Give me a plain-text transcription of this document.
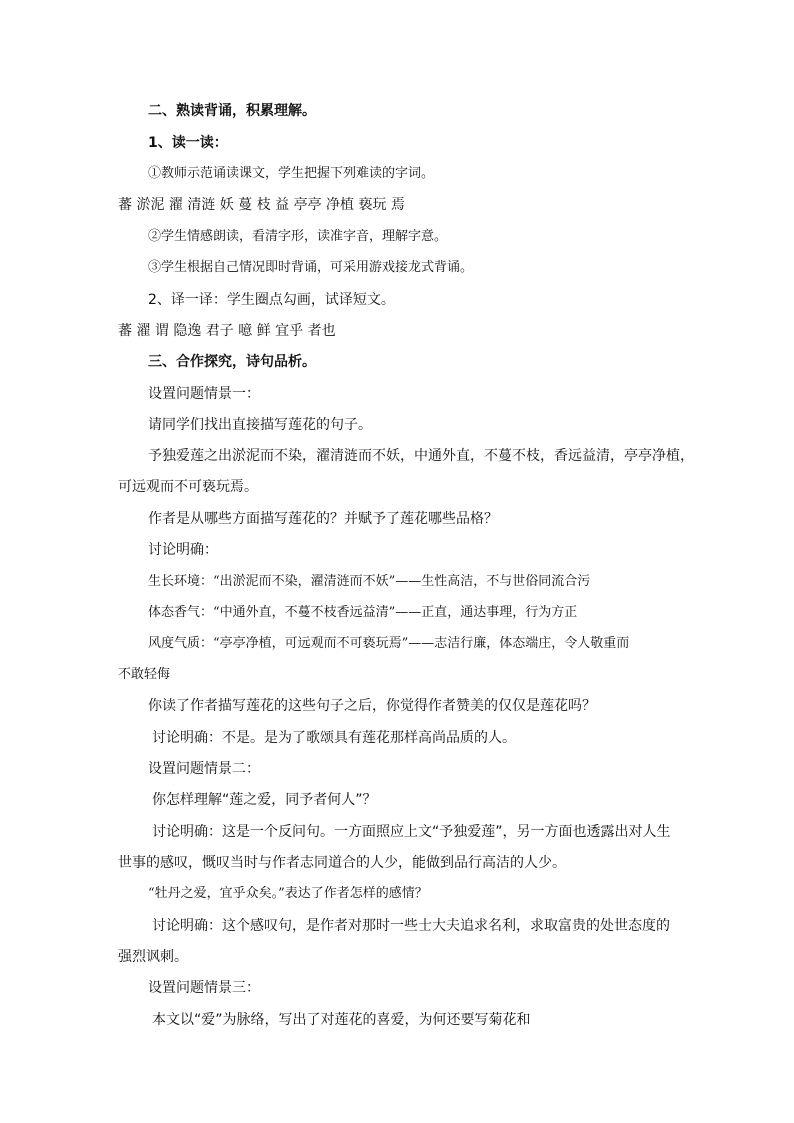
二、熟读背诵，积累理解。
1、读一读：
①教师示范诵读课文，学生把握下列难读的字词。
蕃 淤泥 濯 清涟 妖 蔓 枝 益 亭亭 净植 亵玩 焉
②学生情感朗读，看清字形，读准字音，理解字意。
③学生根据自己情况即时背诵，可采用游戏接龙式背诵。
2、译一译：学生圈点勾画，试译短文。
蕃 濯 谓 隐逸 君子 噫 鲜 宜乎 者也
三、合作探究，诗句品析。
设置问题情景一：
请同学们找出直接描写莲花的句子。
予独爱莲之出淤泥而不染，濯清涟而不妖，中通外直，不蔓不枝，香远益清，亭亭净植，
可远观而不可亵玩焉。
作者是从哪些方面描写莲花的？并赋予了莲花哪些品格？
讨论明确：
生长环境：“出淤泥而不染，濯清涟而不妖”——生性高洁，不与世俗同流合污
体态香气：“中通外直，不蔓不枝香远益清”——正直，通达事理，行为方正
风度气质：“亭亭净植，可远观而不可亵玩焉”——志洁行廉，体态端庄，令人敬重而
不敢轻侮
你读了作者描写莲花的这些句子之后，你觉得作者赞美的仅仅是莲花吗？
讨论明确：不是。是为了歌颂具有莲花那样高尚品质的人。
设置问题情景二：
你怎样理解“莲之爱，同予者何人”？
讨论明确：这是一个反问句。一方面照应上文“予独爱莲”，另一方面也透露出对人生
世事的感叹，慨叹当时与作者志同道合的人少，能做到品行高洁的人少。
“牡丹之爱，宜乎众矣。”表达了作者怎样的感情？
讨论明确：这个感叹句，是作者对那时一些士大夫追求名利，求取富贵的处世态度的
强烈讽刺。
设置问题情景三：
本文以“爱”为脉络，写出了对莲花的喜爱，为何还要写菊花和
